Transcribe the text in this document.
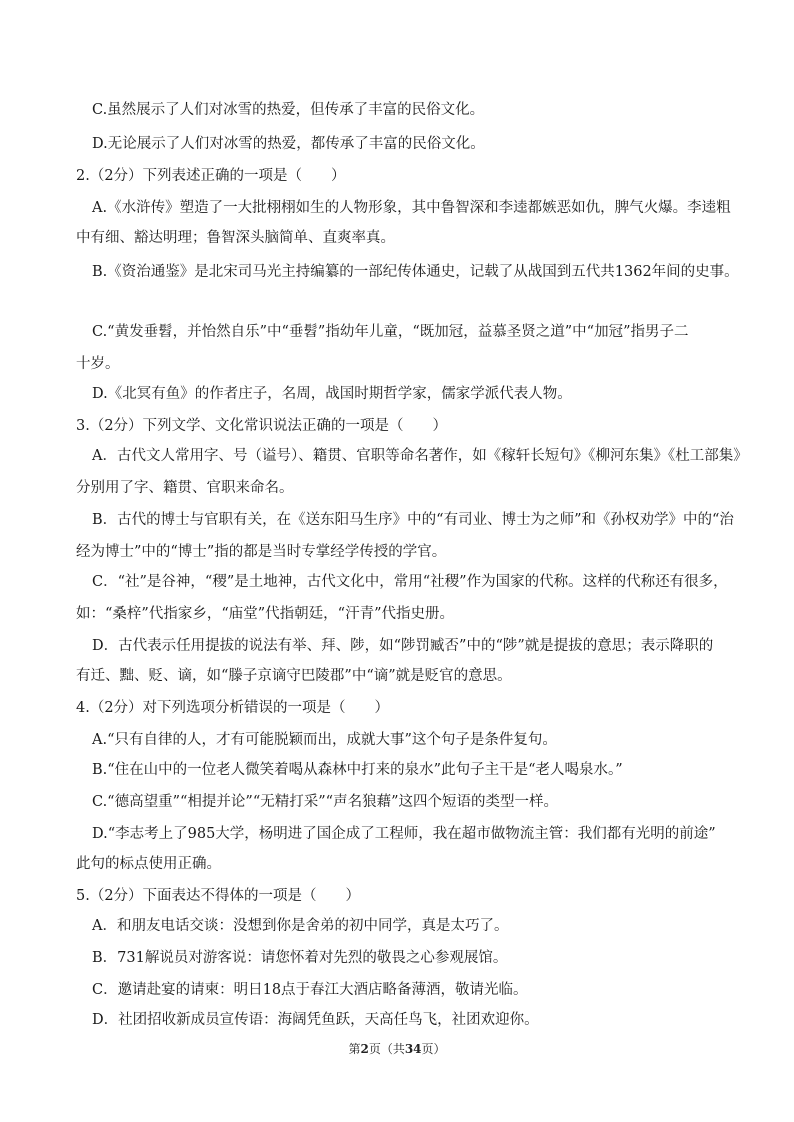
C.虽然展示了人们对冰雪的热爱，但传承了丰富的民俗文化。
D.无论展示了人们对冰雪的热爱，都传承了丰富的民俗文化。
2.（2分）下列表述正确的一项是（　　）
A.《水浒传》塑造了一大批栩栩如生的人物形象，其中鲁智深和李逵都嫉恶如仇，脾气火爆。李逵粗
中有细、豁达明理；鲁智深头脑简单、直爽率真。
B.《资治通鉴》是北宋司马光主持编纂的一部纪传体通史，记载了从战国到五代共1362年间的史事。
C.“黄发垂髫，并怡然自乐”中“垂髫”指幼年儿童，“既加冠，益慕圣贤之道”中“加冠”指男子二
十岁。
D.《北冥有鱼》的作者庄子，名周，战国时期哲学家，儒家学派代表人物。
3.（2分）下列文学、文化常识说法正确的一项是（　　）
A．古代文人常用字、号（谥号）、籍贯、官职等命名著作，如《稼轩长短句》《柳河东集》《杜工部集》
分别用了字、籍贯、官职来命名。
B．古代的博士与官职有关，在《送东阳马生序》中的“有司业、博士为之师”和《孙权劝学》中的“治
经为博士”中的“博士”指的都是当时专掌经学传授的学官。
C．“社”是谷神，“稷”是土地神，古代文化中，常用“社稷”作为国家的代称。这样的代称还有很多，
如：“桑梓”代指家乡，“庙堂”代指朝廷，“汗青”代指史册。
D．古代表示任用提拔的说法有举、拜、陟，如“陟罚臧否”中的“陟”就是提拔的意思；表示降职的
有迁、黜、贬、谪，如“滕子京谪守巴陵郡”中“谪”就是贬官的意思。
4.（2分）对下列选项分析错误的一项是（　　）
A.“只有自律的人，才有可能脱颖而出，成就大事”这个句子是条件复句。
B.“住在山中的一位老人微笑着喝从森林中打来的泉水”此句子主干是“老人喝泉水。”
C.“德高望重”“相提并论”“无精打采”“声名狼藉”这四个短语的类型一样。
D.“李志考上了985大学，杨明进了国企成了工程师，我在超市做物流主管：我们都有光明的前途”
此句的标点使用正确。
5.（2分）下面表达不得体的一项是（　　）
A．和朋友电话交谈：没想到你是舍弟的初中同学，真是太巧了。
B．731解说员对游客说：请您怀着对先烈的敬畏之心参观展馆。
C．邀请赴宴的请柬：明日18点于春江大酒店略备薄酒，敬请光临。
D．社团招收新成员宣传语：海阔凭鱼跃，天高任鸟飞，社团欢迎你。
第2页（共34页）
